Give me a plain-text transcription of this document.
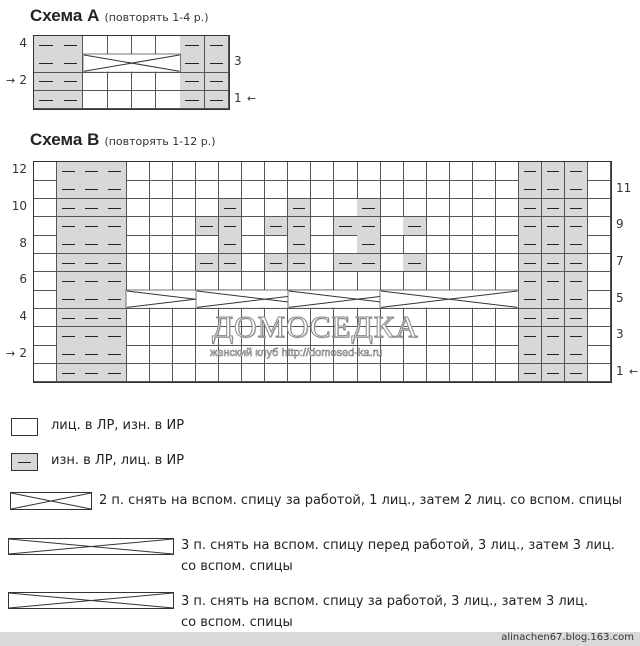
Схема А (повторять 1-4 р.)
Схема В (повторять 1-12 р.)
ДОМОСЕДКА
женский клуб http://domosed-ka.ru
лиц. в ЛР, изн. в ИР
изн. в ЛР, лиц. в ИР
2 п. снять на вспом. спицу за работой, 1 лиц., затем 2 лиц. со вспом. спицы
3 п. снять на вспом. спицу перед работой, 3 лиц., затем 3 лиц.
со вспом. спицы
3 п. снять на вспом. спицу за работой, 3 лиц., затем 3 лиц.
со вспом. спицы
alinachen67.blog.163.com
4
2
3
1 ←
→
12
10
8
6
4
2
11
9
7
5
3
1 ←
→
